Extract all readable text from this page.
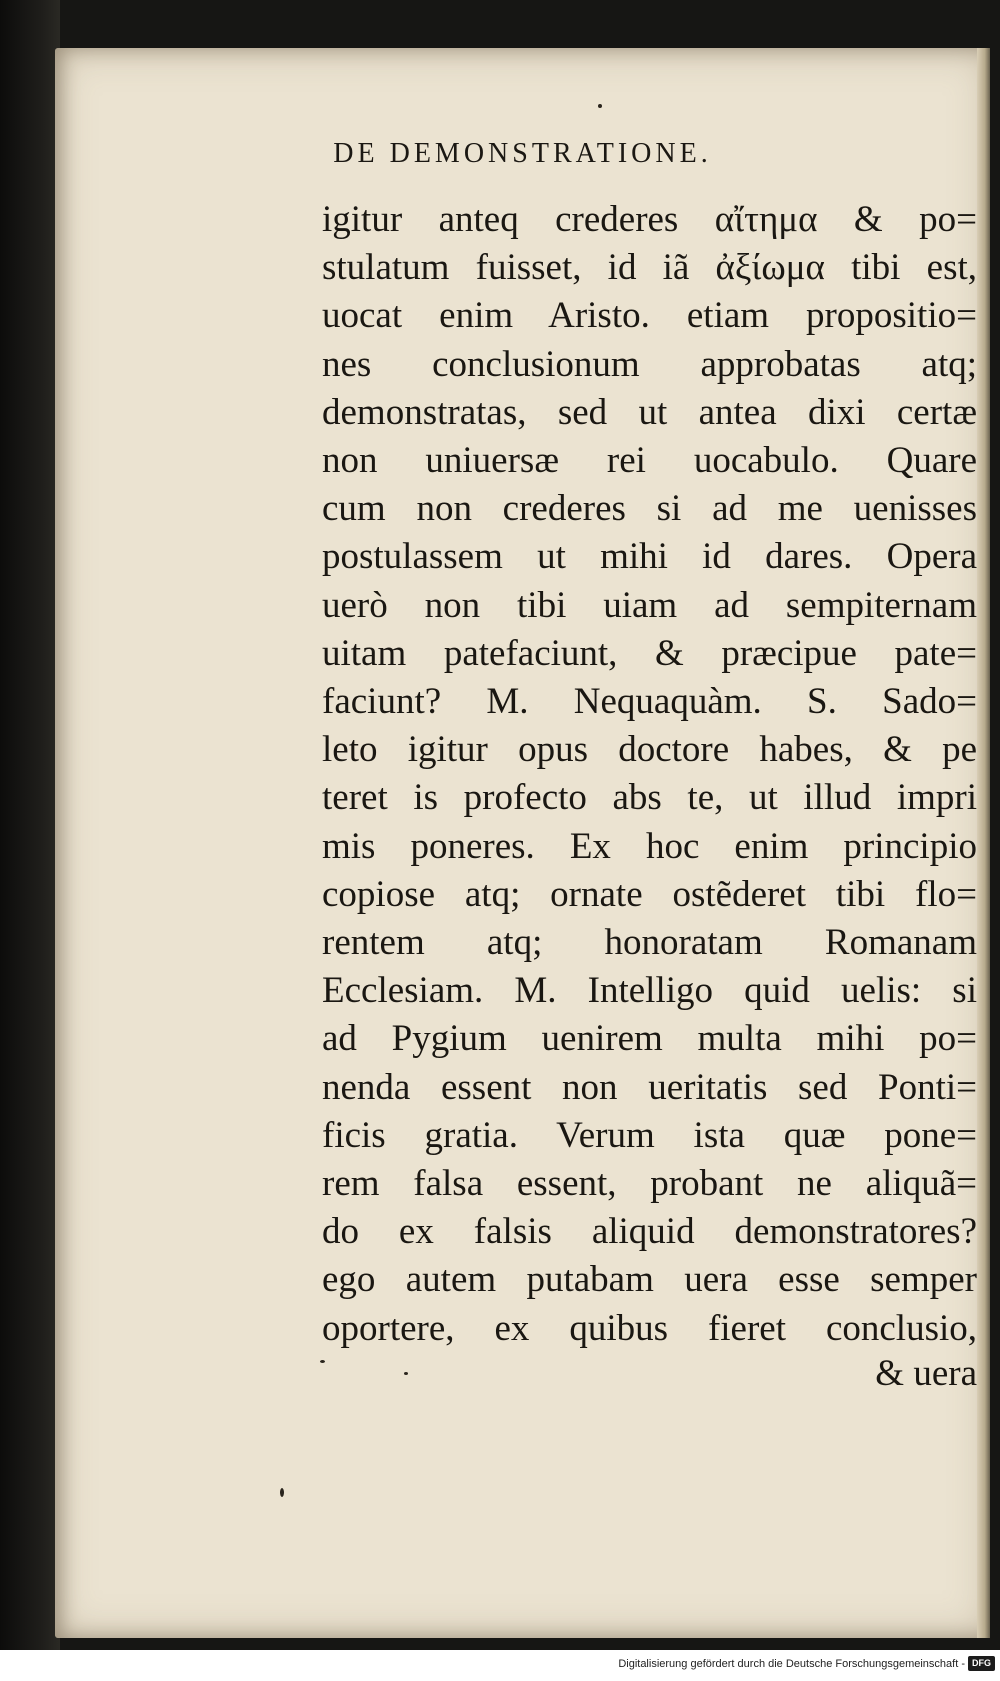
DE DEMONSTRATIONE.
igitur anteq crederes αἴτημα & po=
stulatum fuisset, id iã ἀξίωμα tibi est,
uocat enim Aristo. etiam propositio=
nes conclusionum approbatas atq;
demonstratas, sed ut antea dixi certæ
non uniuersæ rei uocabulo. Quare
cum non crederes si ad me uenisses
postulassem ut mihi id dares. Opera
uerò non tibi uiam ad sempiternam
uitam patefaciunt, & præcipue pate=
faciunt? M. Nequaquàm. S. Sado=
leto igitur opus doctore habes, & pe
teret is profecto abs te, ut illud impri
mis poneres. Ex hoc enim principio
copiose atq; ornate ostẽderet tibi flo=
rentem atq; honoratam Romanam
Ecclesiam. M. Intelligo quid uelis: si
ad Pygium uenirem multa mihi po=
nenda essent non ueritatis sed Ponti=
ficis gratia. Verum ista quæ pone=
rem falsa essent, probant ne aliquã=
do ex falsis aliquid demonstratores?
ego autem putabam uera esse semper
oportere, ex quibus fieret conclusio,
& uera
Digitalisierung gefördert durch die Deutsche Forschungsgemeinschaft - DFG
